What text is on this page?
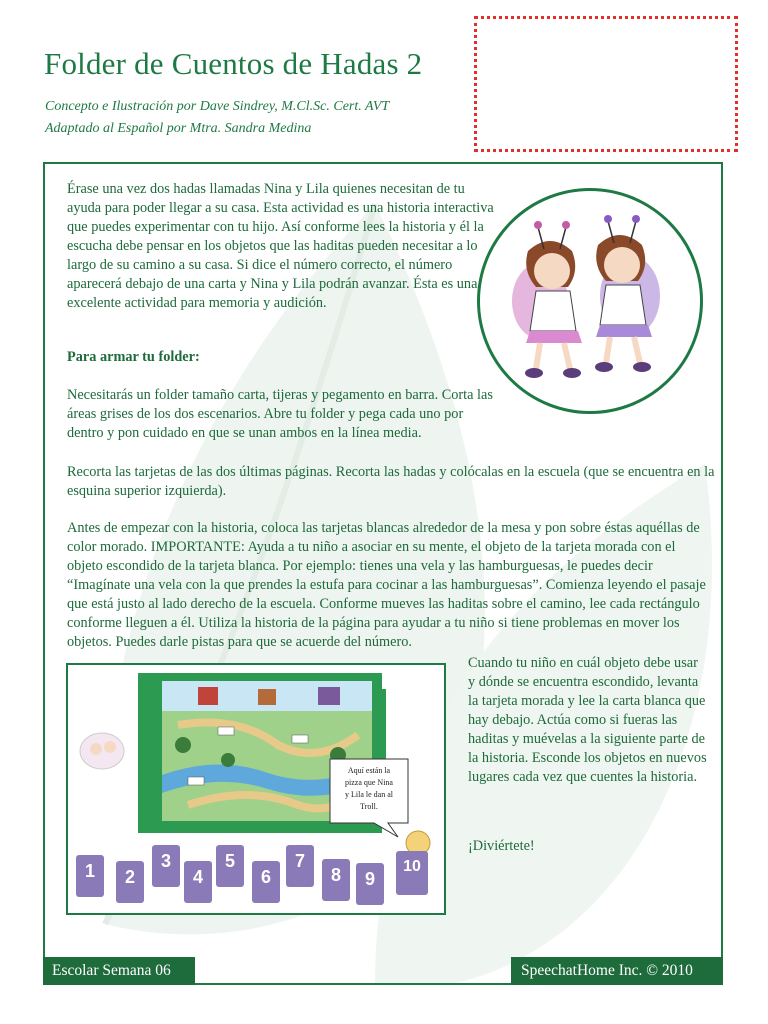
Folder de Cuentos de Hadas 2
Concepto e Ilustración por Dave Sindrey, M.Cl.Sc. Cert. AVT
Adaptado al Español por Mtra. Sandra Medina

Érase una vez dos hadas llamadas Nina y Lila quienes necesitan de tu ayuda para poder llegar a su casa. Esta actividad es una historia interactiva que puedes experimentar con tu hijo. Así conforme lees la historia y él la escucha debe pensar en los objetos que las haditas pueden necesitar a lo largo de su camino a su casa. Si dice el número correcto, el número aparecerá debajo de una carta y Nina y Lila podrán avanzar. Ésta es una excelente actividad para memoria y audición.

Para armar tu folder:

Necesitarás un folder tamaño carta, tijeras y pegamento en barra. Corta las áreas grises de los dos escenarios. Abre tu folder y pega cada uno por dentro y pon cuidado en que se unan ambos en la línea media.

Recorta las tarjetas de las dos últimas páginas. Recorta las hadas y colócalas en la escuela (que se encuentra en la esquina superior izquierda).

Antes de empezar con la historia, coloca las tarjetas blancas alrededor de la mesa y pon sobre éstas aquéllas de color morado. IMPORTANTE: Ayuda a tu niño a asociar en su mente, el objeto de la tarjeta morada con el objeto escondido de la tarjeta blanca. Por ejemplo: tienes una vela y las hamburguesas, le puedes decir “Imagínate una vela con la que prendes la estufa para cocinar a las hamburguesas”. Comienza leyendo el pasaje que está justo al lado derecho de la escuela. Conforme mueves las haditas sobre el camino, lee cada rectángulo conforme lleguen a él. Utiliza la historia de la página para ayudar a tu niño si tiene problemas en mover los objetos. Puedes darle pistas para que se acuerde del número.

Cuando tu niño en cuál objeto debe usar y dónde se encuentra escondido, levanta la tarjeta morada y lee la carta blanca que hay debajo. Actúa como si fueras las haditas y muévelas a la siguiente parte de la historia. Esconde los objetos en nuevos lugares cada vez que cuentes la historia.

¡Diviértete!

Aquí están la
pizza que Nina
y Lila le dan al
Troll.
1 2
3
4
5
6
7
8 9
10
Escolar Semana 06	SpeechatHome Inc. © 2010
